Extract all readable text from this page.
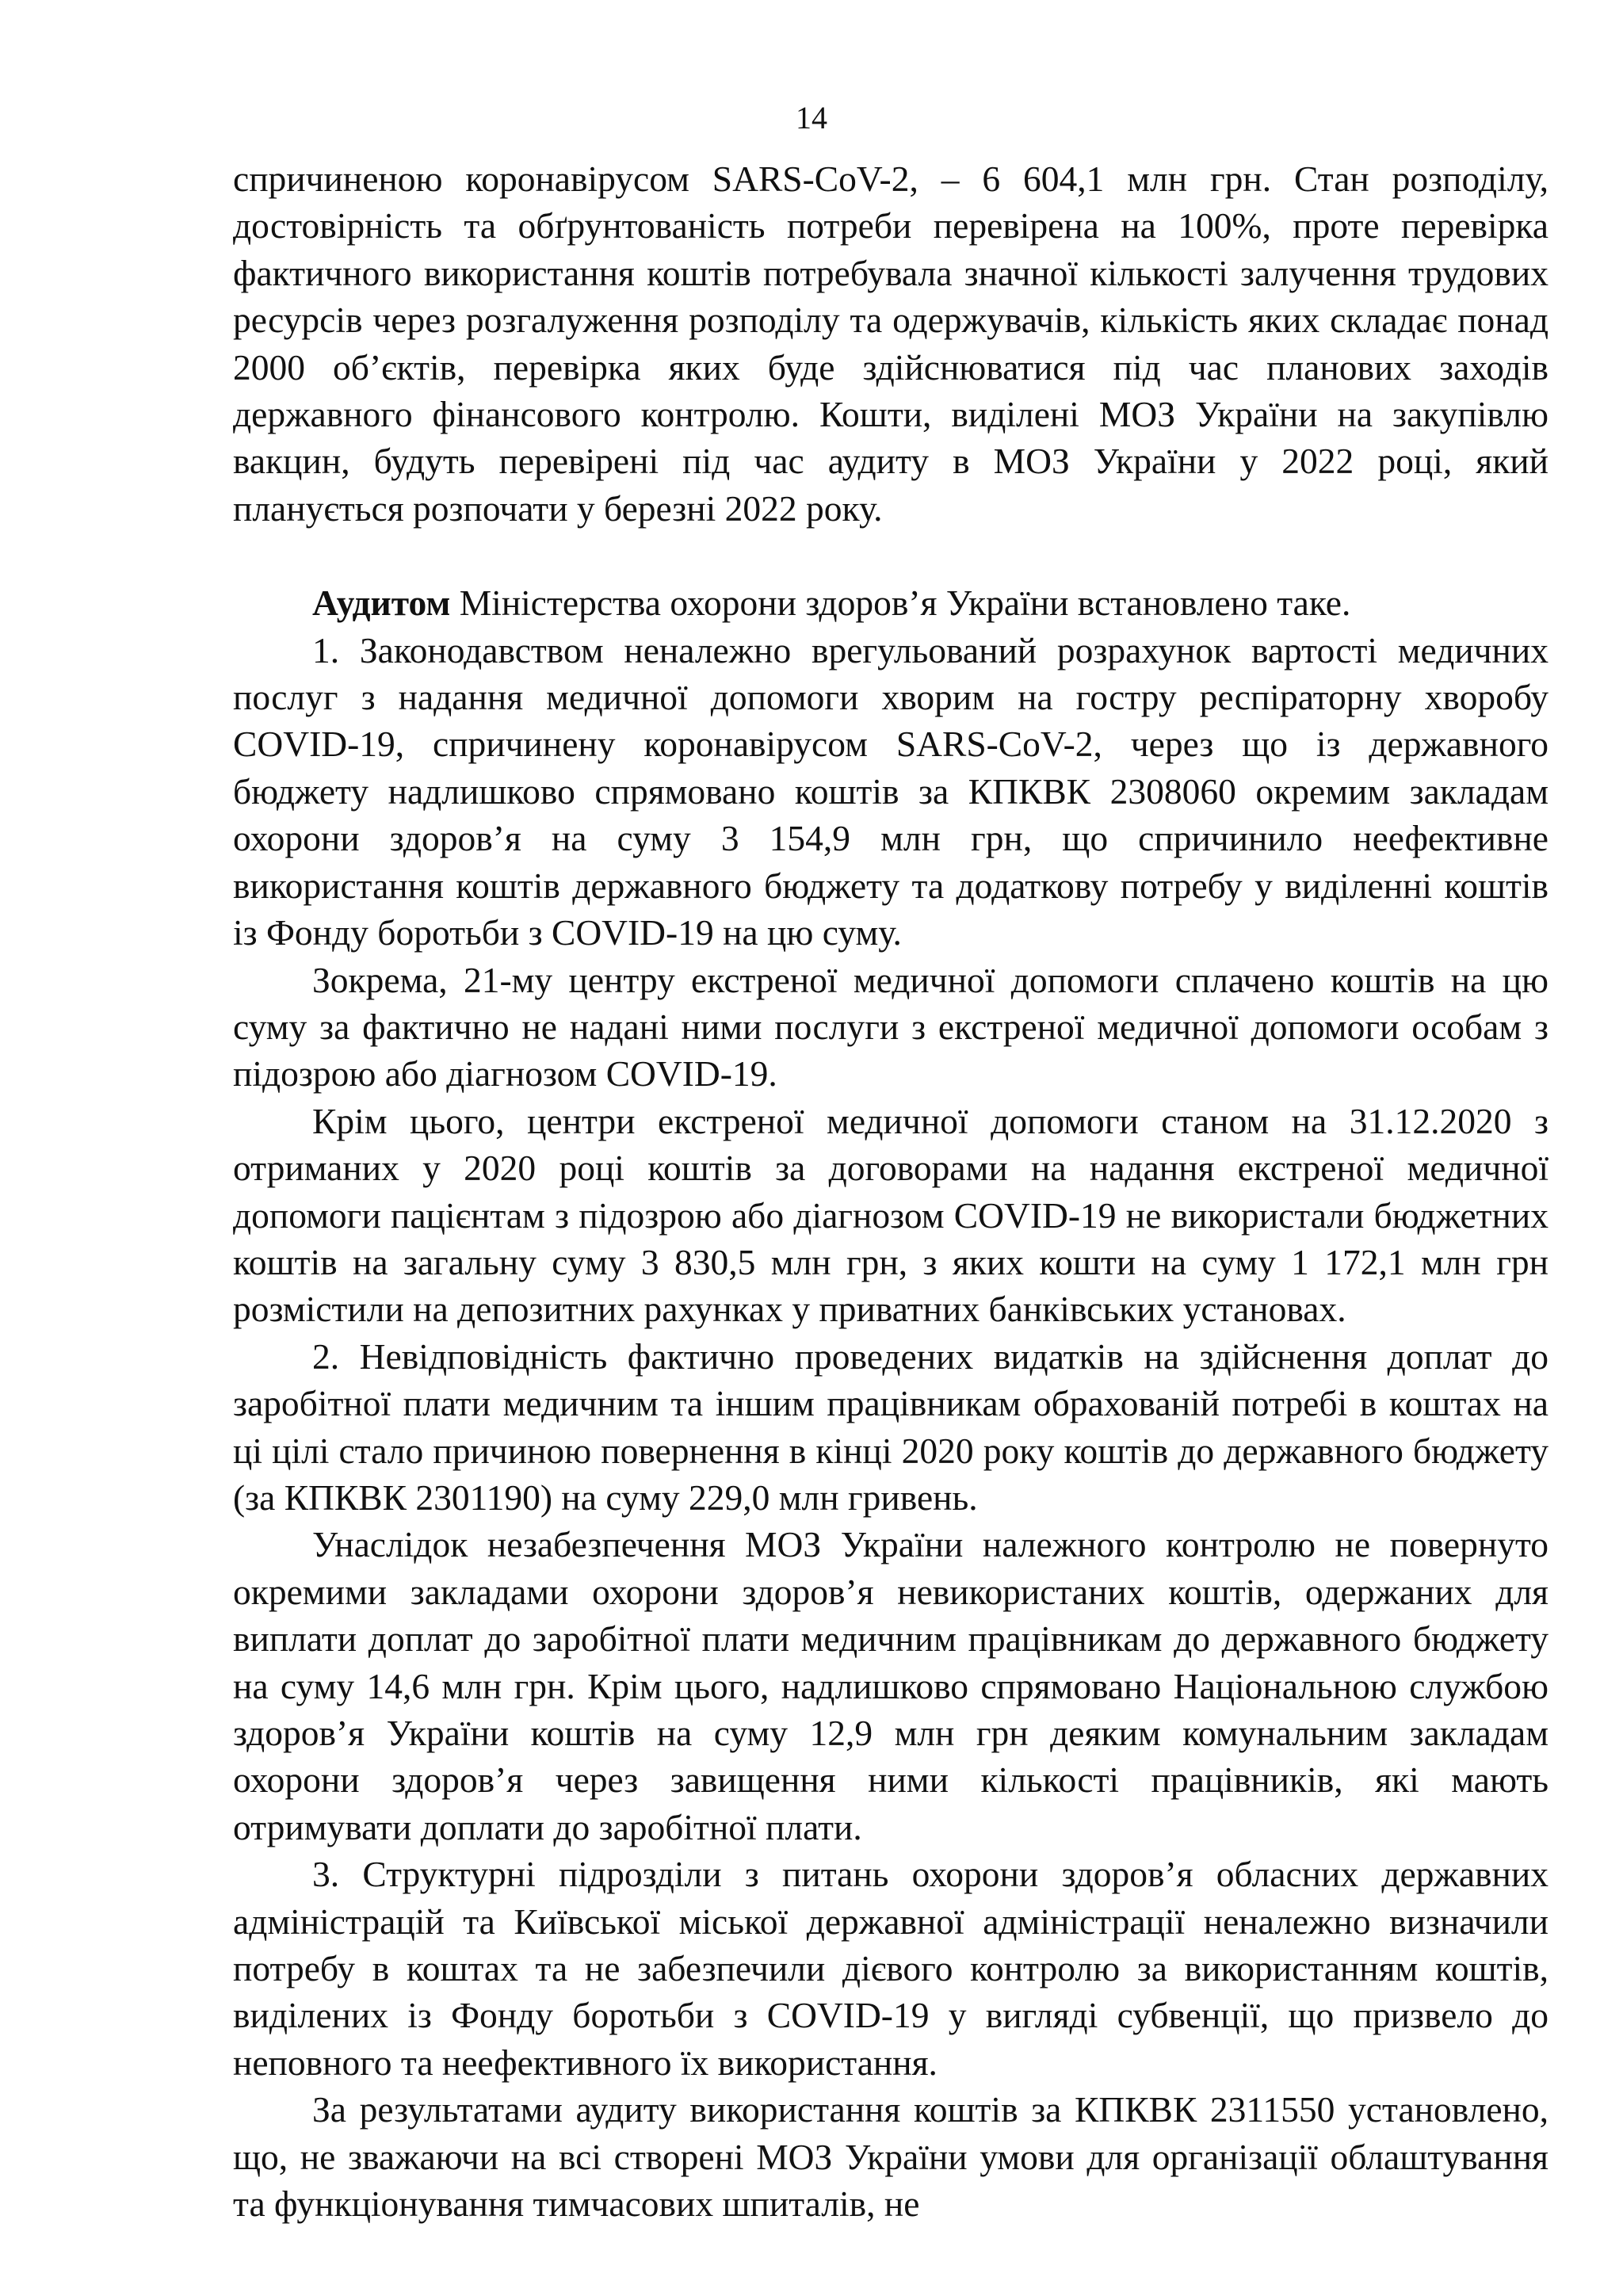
14

спричиненою коронавірусом SARS-CoV-2, – 6 604,1 млн грн. Стан розподілу, достовірність та обґрунтованість потреби перевірена на 100%, проте перевірка фактичного використання коштів потребувала значної кількості залучення трудових ресурсів через розгалуження розподілу та одержувачів, кількість яких складає понад 2000 об’єктів, перевірка яких буде здійснюватися під час планових заходів державного фінансового контролю. Кошти, виділені МОЗ України на закупівлю вакцин, будуть перевірені під час аудиту в МОЗ України у 2022 році, який планується розпочати у березні 2022 року.

Аудитом Міністерства охорони здоров’я України встановлено таке.

1. Законодавством неналежно врегульований розрахунок вартості медичних послуг з надання медичної допомоги хворим на гостру респіраторну хворобу COVID-19, спричинену коронавірусом SARS-CoV-2, через що із державного бюджету надлишково спрямовано коштів за КПКВК 2308060 окремим закладам охорони здоров’я на суму 3 154,9 млн грн, що спричинило неефективне використання коштів державного бюджету та додаткову потребу у виділенні коштів із Фонду боротьби з COVID-19 на цю суму.

Зокрема, 21-му центру екстреної медичної допомоги сплачено коштів на цю суму за фактично не надані ними послуги з екстреної медичної допомоги особам з підозрою або діагнозом COVID-19.

Крім цього, центри екстреної медичної допомоги станом на 31.12.2020 з отриманих у 2020 році коштів за договорами на надання екстреної медичної допомоги пацієнтам з підозрою або діагнозом COVID-19 не використали бюджетних коштів на загальну суму 3 830,5 млн грн, з яких кошти на суму 1 172,1 млн грн розмістили на депозитних рахунках у приватних банківських установах.

2. Невідповідність фактично проведених видатків на здійснення доплат до заробітної плати медичним та іншим працівникам обрахованій потребі в коштах на ці цілі стало причиною повернення в кінці 2020 року коштів до державного бюджету (за КПКВК 2301190) на суму 229,0 млн гривень.

Унаслідок незабезпечення МОЗ України належного контролю не повернуто окремими закладами охорони здоров’я невикористаних коштів, одержаних для виплати доплат до заробітної плати медичним працівникам до державного бюджету на суму 14,6 млн грн. Крім цього, надлишково спрямовано Національною службою здоров’я України коштів на суму 12,9 млн грн деяким комунальним закладам охорони здоров’я через завищення ними кількості працівників, які мають отримувати доплати до заробітної плати.

3. Структурні підрозділи з питань охорони здоров’я обласних державних адміністрацій та Київської міської державної адміністрації неналежно визначили потребу в коштах та не забезпечили дієвого контролю за використанням коштів, виділених із Фонду боротьби з COVID-19 у вигляді субвенції, що призвело до неповного та неефективного їх використання.

За результатами аудиту використання коштів за КПКВК 2311550 установлено, що, не зважаючи на всі створені МОЗ України умови для організації облаштування та функціонування тимчасових шпиталів, не
